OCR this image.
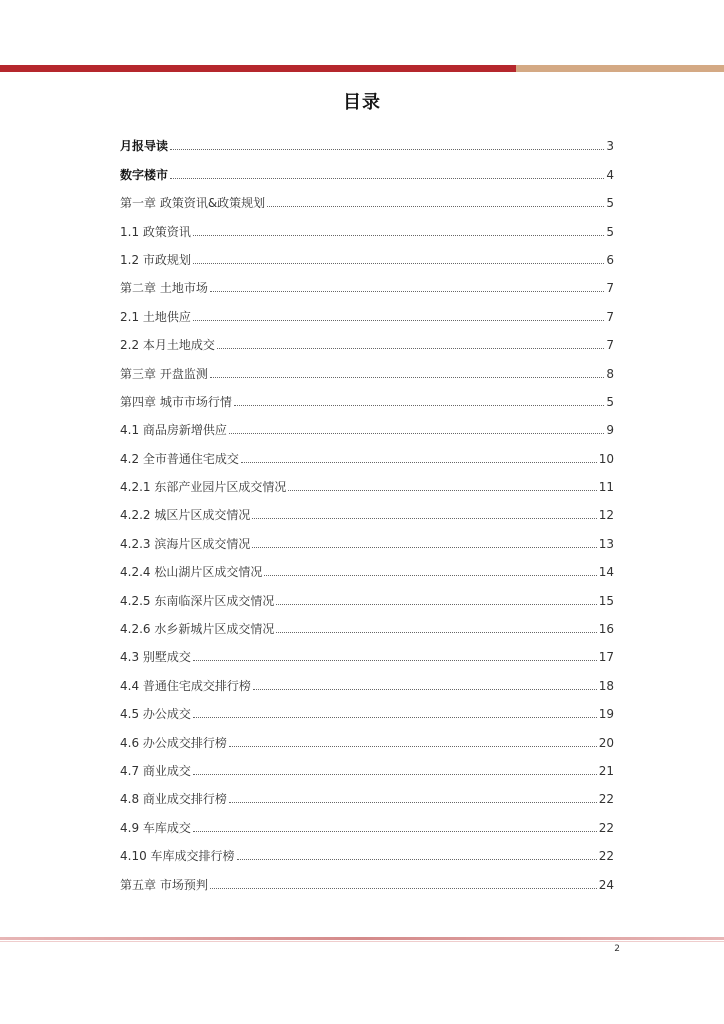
目录
月报导读	3
数字楼市	4
第一章 政策资讯&政策规划	5
1.1 政策资讯	5
1.2 市政规划	6
第二章 土地市场	7
2.1 土地供应	7
2.2 本月土地成交	7
第三章 开盘监测	8
第四章 城市市场行情	5
4.1 商品房新增供应	9
4.2 全市普通住宅成交	10
4.2.1 东部产业园片区成交情况	11
4.2.2 城区片区成交情况	12
4.2.3 滨海片区成交情况	13
4.2.4 松山湖片区成交情况	14
4.2.5 东南临深片区成交情况	15
4.2.6 水乡新城片区成交情况	16
4.3 别墅成交	17
4.4 普通住宅成交排行榜	18
4.5 办公成交	19
4.6 办公成交排行榜	20
4.7 商业成交	21
4.8 商业成交排行榜	22
4.9 车库成交	22
4.10 车库成交排行榜	22
第五章 市场预判	24
2
